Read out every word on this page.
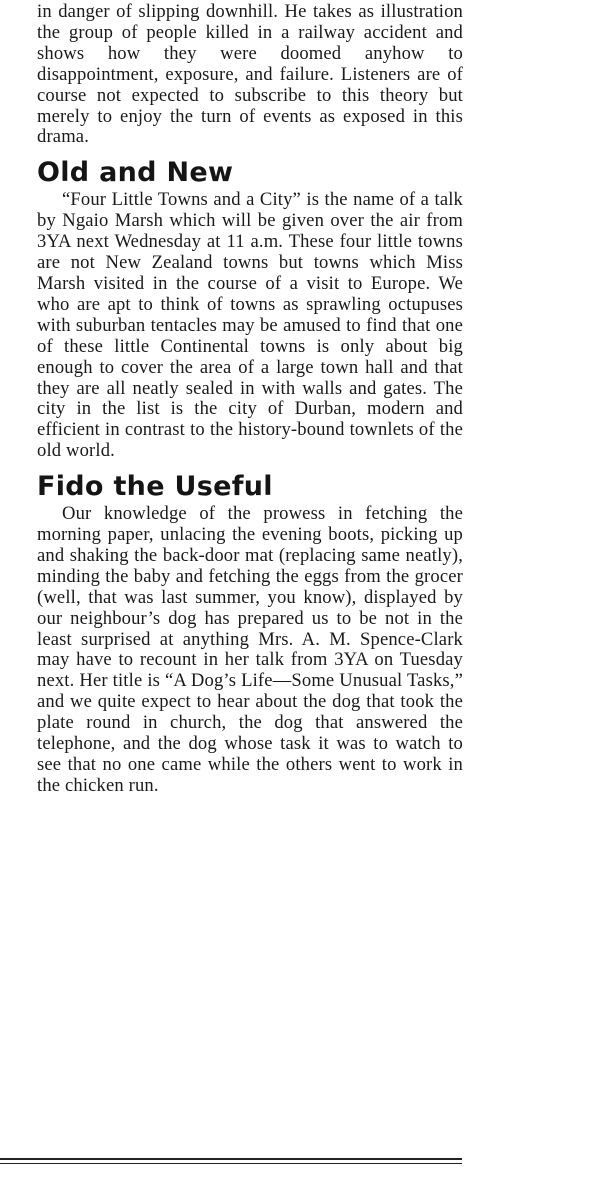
in danger of slipping downhill. He takes as illustration the group of people killed in a railway accident and shows how they were doomed anyhow to disappointment, exposure, and failure. Listeners are of course not expected to subscribe to this theory but merely to enjoy the turn of events as exposed in this drama.

Old and New

“Four Little Towns and a City” is the name of a talk by Ngaio Marsh which will be given over the air from 3YA next Wednesday at 11 a.m. These four little towns are not New Zealand towns but towns which Miss Marsh visited in the course of a visit to Europe. We who are apt to think of towns as sprawling octupuses with suburban tentacles may be amused to find that one of these little Continental towns is only about big enough to cover the area of a large town hall and that they are all neatly sealed in with walls and gates. The city in the list is the city of Durban, modern and efficient in contrast to the history-bound townlets of the old world.

Fido the Useful

Our knowledge of the prowess in fetching the morning paper, unlacing the evening boots, picking up and shaking the back-door mat (replacing same neatly), minding the baby and fetching the eggs from the grocer (well, that was last summer, you know), displayed by our neighbour’s dog has prepared us to be not in the least surprised at anything Mrs. A. M. Spence-Clark may have to recount in her talk from 3YA on Tuesday next. Her title is “A Dog’s Life—Some Unusual Tasks,” and we quite expect to hear about the dog that took the plate round in church, the dog that answered the telephone, and the dog whose task it was to watch to see that no one came while the others went to work in the chicken run.
